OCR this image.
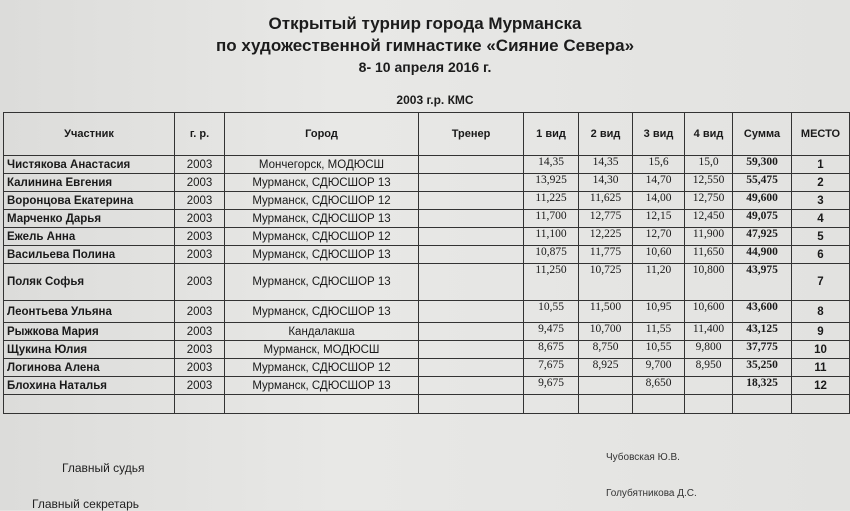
Открытый турнир города Мурманска
по художественной гимнастике «Сияние Севера»
8- 10 апреля 2016 г.
2003 г.р. КМС
Участник	г. р.	Город	Тренер	1 вид	2 вид	3 вид	4 вид	Сумма	МЕСТО
Чистякова Анастасия	2003	Мончегорск, МОДЮСШ		14,35	14,35	15,6	15,0	59,300	1
Калинина Евгения	2003	Мурманск, СДЮСШОР 13		13,925	14,30	14,70	12,550	55,475	2
Воронцова Екатерина	2003	Мурманск, СДЮСШОР 12		11,225	11,625	14,00	12,750	49,600	3
Марченко Дарья	2003	Мурманск, СДЮСШОР 13		11,700	12,775	12,15	12,450	49,075	4
Ежель Анна	2003	Мурманск, СДЮСШОР 12		11,100	12,225	12,70	11,900	47,925	5
Васильева Полина	2003	Мурманск, СДЮСШОР 13		10,875	11,775	10,60	11,650	44,900	6
Поляк Софья	2003	Мурманск, СДЮСШОР 13		11,250	10,725	11,20	10,800	43,975	7
Леонтьева Ульяна	2003	Мурманск, СДЮСШОР 13		10,55	11,500	10,95	10,600	43,600	8
Рыжкова Мария	2003	Кандалакша		9,475	10,700	11,55	11,400	43,125	9
Щукина Юлия	2003	Мурманск, МОДЮСШ		8,675	8,750	10,55	9,800	37,775	10
Логинова Алена	2003	Мурманск, СДЮСШОР 12		7,675	8,925	9,700	8,950	35,250	11
Блохина Наталья	2003	Мурманск, СДЮСШОР 13		9,675		8,650		18,325	12

Главный судья
Чубовская Ю.В.
Главный секретарь
Голубятникова Д.С.
